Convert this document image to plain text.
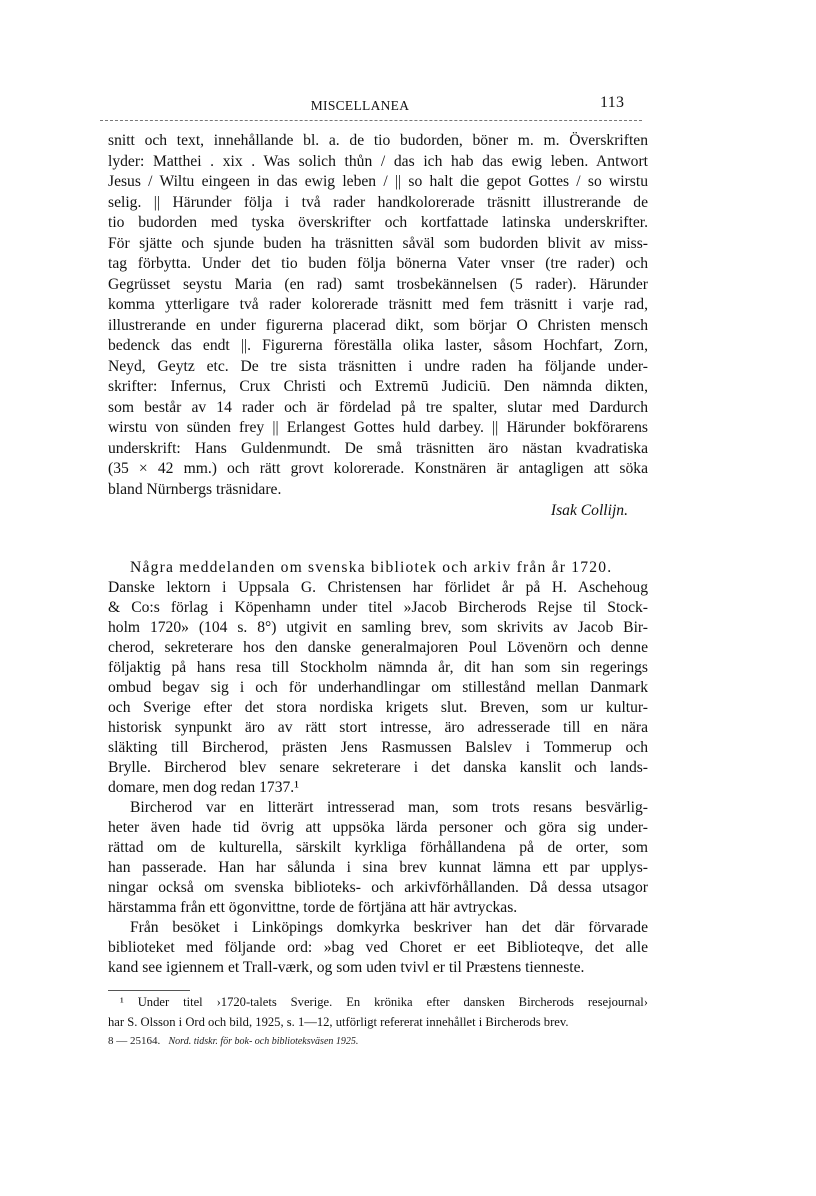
MISCELLANEA	113
snitt och text, innehållande bl. a. de tio budorden, böner m. m. Överskriften
lyder: Matthei . xix . Was solich thůn / das ich hab das ewig leben. Antwort
Jesus / Wiltu eingeen in das ewig leben / || so halt die gepot Gottes / so wirstu
selig. || Härunder följa i två rader handkolorerade träsnitt illustrerande de
tio budorden med tyska överskrifter och kortfattade latinska underskrifter.
För sjätte och sjunde buden ha träsnitten såväl som budorden blivit av miss-
tag förbytta. Under det tio buden följa bönerna Vater vnser (tre rader) och
Gegrüsset seystu Maria (en rad) samt trosbekännelsen (5 rader). Härunder
komma ytterligare två rader kolorerade träsnitt med fem träsnitt i varje rad,
illustrerande en under figurerna placerad dikt, som börjar O Christen mensch
bedenck das endt ||. Figurerna föreställa olika laster, såsom Hochfart, Zorn,
Neyd, Geytz etc. De tre sista träsnitten i undre raden ha följande under-
skrifter: Infernus, Crux Christi och Extremū Judiciū. Den nämnda dikten,
som består av 14 rader och är fördelad på tre spalter, slutar med Dardurch
wirstu von sünden frey || Erlangest Gottes huld darbey. || Härunder bokförarens
underskrift: Hans Guldenmundt. De små träsnitten äro nästan kvadratiska
(35 × 42 mm.) och rätt grovt kolorerade. Konstnären är antagligen att söka
bland Nürnbergs träsnidare.
Isak Collijn.
Några meddelanden om svenska bibliotek och arkiv från år 1720.
Danske lektorn i Uppsala G. Christensen har förlidet år på H. Aschehoug
& Co:s förlag i Köpenhamn under titel »Jacob Bircherods Rejse til Stock-
holm 1720» (104 s. 8°) utgivit en samling brev, som skrivits av Jacob Bir-
cherod, sekreterare hos den danske generalmajoren Poul Lövenörn och denne
följaktig på hans resa till Stockholm nämnda år, dit han som sin regerings
ombud begav sig i och för underhandlingar om stillestånd mellan Danmark
och Sverige efter det stora nordiska krigets slut. Breven, som ur kultur-
historisk synpunkt äro av rätt stort intresse, äro adresserade till en nära
släkting till Bircherod, prästen Jens Rasmussen Balslev i Tommerup och
Brylle. Bircherod blev senare sekreterare i det danska kanslit och lands-
domare, men dog redan 1737.¹
Bircherod var en litterärt intresserad man, som trots resans besvärlig-
heter även hade tid övrig att uppsöka lärda personer och göra sig under-
rättad om de kulturella, särskilt kyrkliga förhållandena på de orter, som
han passerade. Han har sålunda i sina brev kunnat lämna ett par upplys-
ningar också om svenska biblioteks- och arkivförhållanden. Då dessa utsagor
härstamma från ett ögonvittne, torde de förtjäna att här avtryckas.
Från besöket i Linköpings domkyrka beskriver han det där förvarade
biblioteket med följande ord: »bag ved Choret er eet Biblioteqve, det alle
kand see igiennem et Trall-værk, og som uden tvivl er til Præstens tienneste.
¹ Under titel ›1720-talets Sverige. En krönika efter dansken Bircherods resejournal›
har S. Olsson i Ord och bild, 1925, s. 1—12, utförligt refererat innehållet i Bircherods brev.
8 — 25164. Nord. tidskr. för bok- och biblioteksväsen 1925.
